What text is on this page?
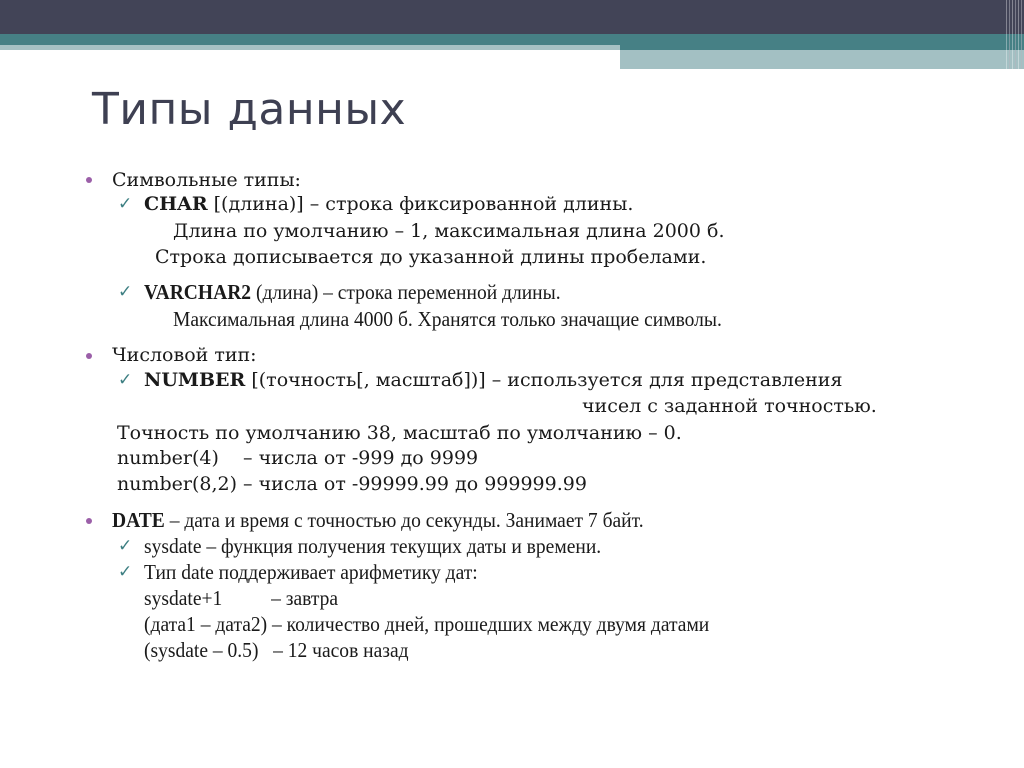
Типы данных
Символьные типы:
✓ CHAR [(длина)] – строка фиксированной длины.
Длина по умолчанию – 1, максимальная длина 2000 б.
Строка дописывается до указанной длины пробелами.
✓ VARCHAR2 (длина) – строка переменной длины.
Максимальная длина 4000 б. Хранятся только значащие символы.
Числовой тип:
✓ NUMBER [(точность[, масштаб])] – используется для представления
чисел с заданной точностью.
Точность по умолчанию 38, масштаб по умолчанию – 0.
number(4)    – числа от -999 до 9999
number(8,2) – числа от -99999.99 до 999999.99
DATE – дата и время с точностью до секунды. Занимает 7 байт.
✓ sysdate – функция получения текущих даты и времени.
✓ Тип date поддерживает арифметику дат:
sysdate+1          – завтра
(дата1 – дата2) – количество дней, прошедших между двумя датами
(sysdate – 0.5)   – 12 часов назад
